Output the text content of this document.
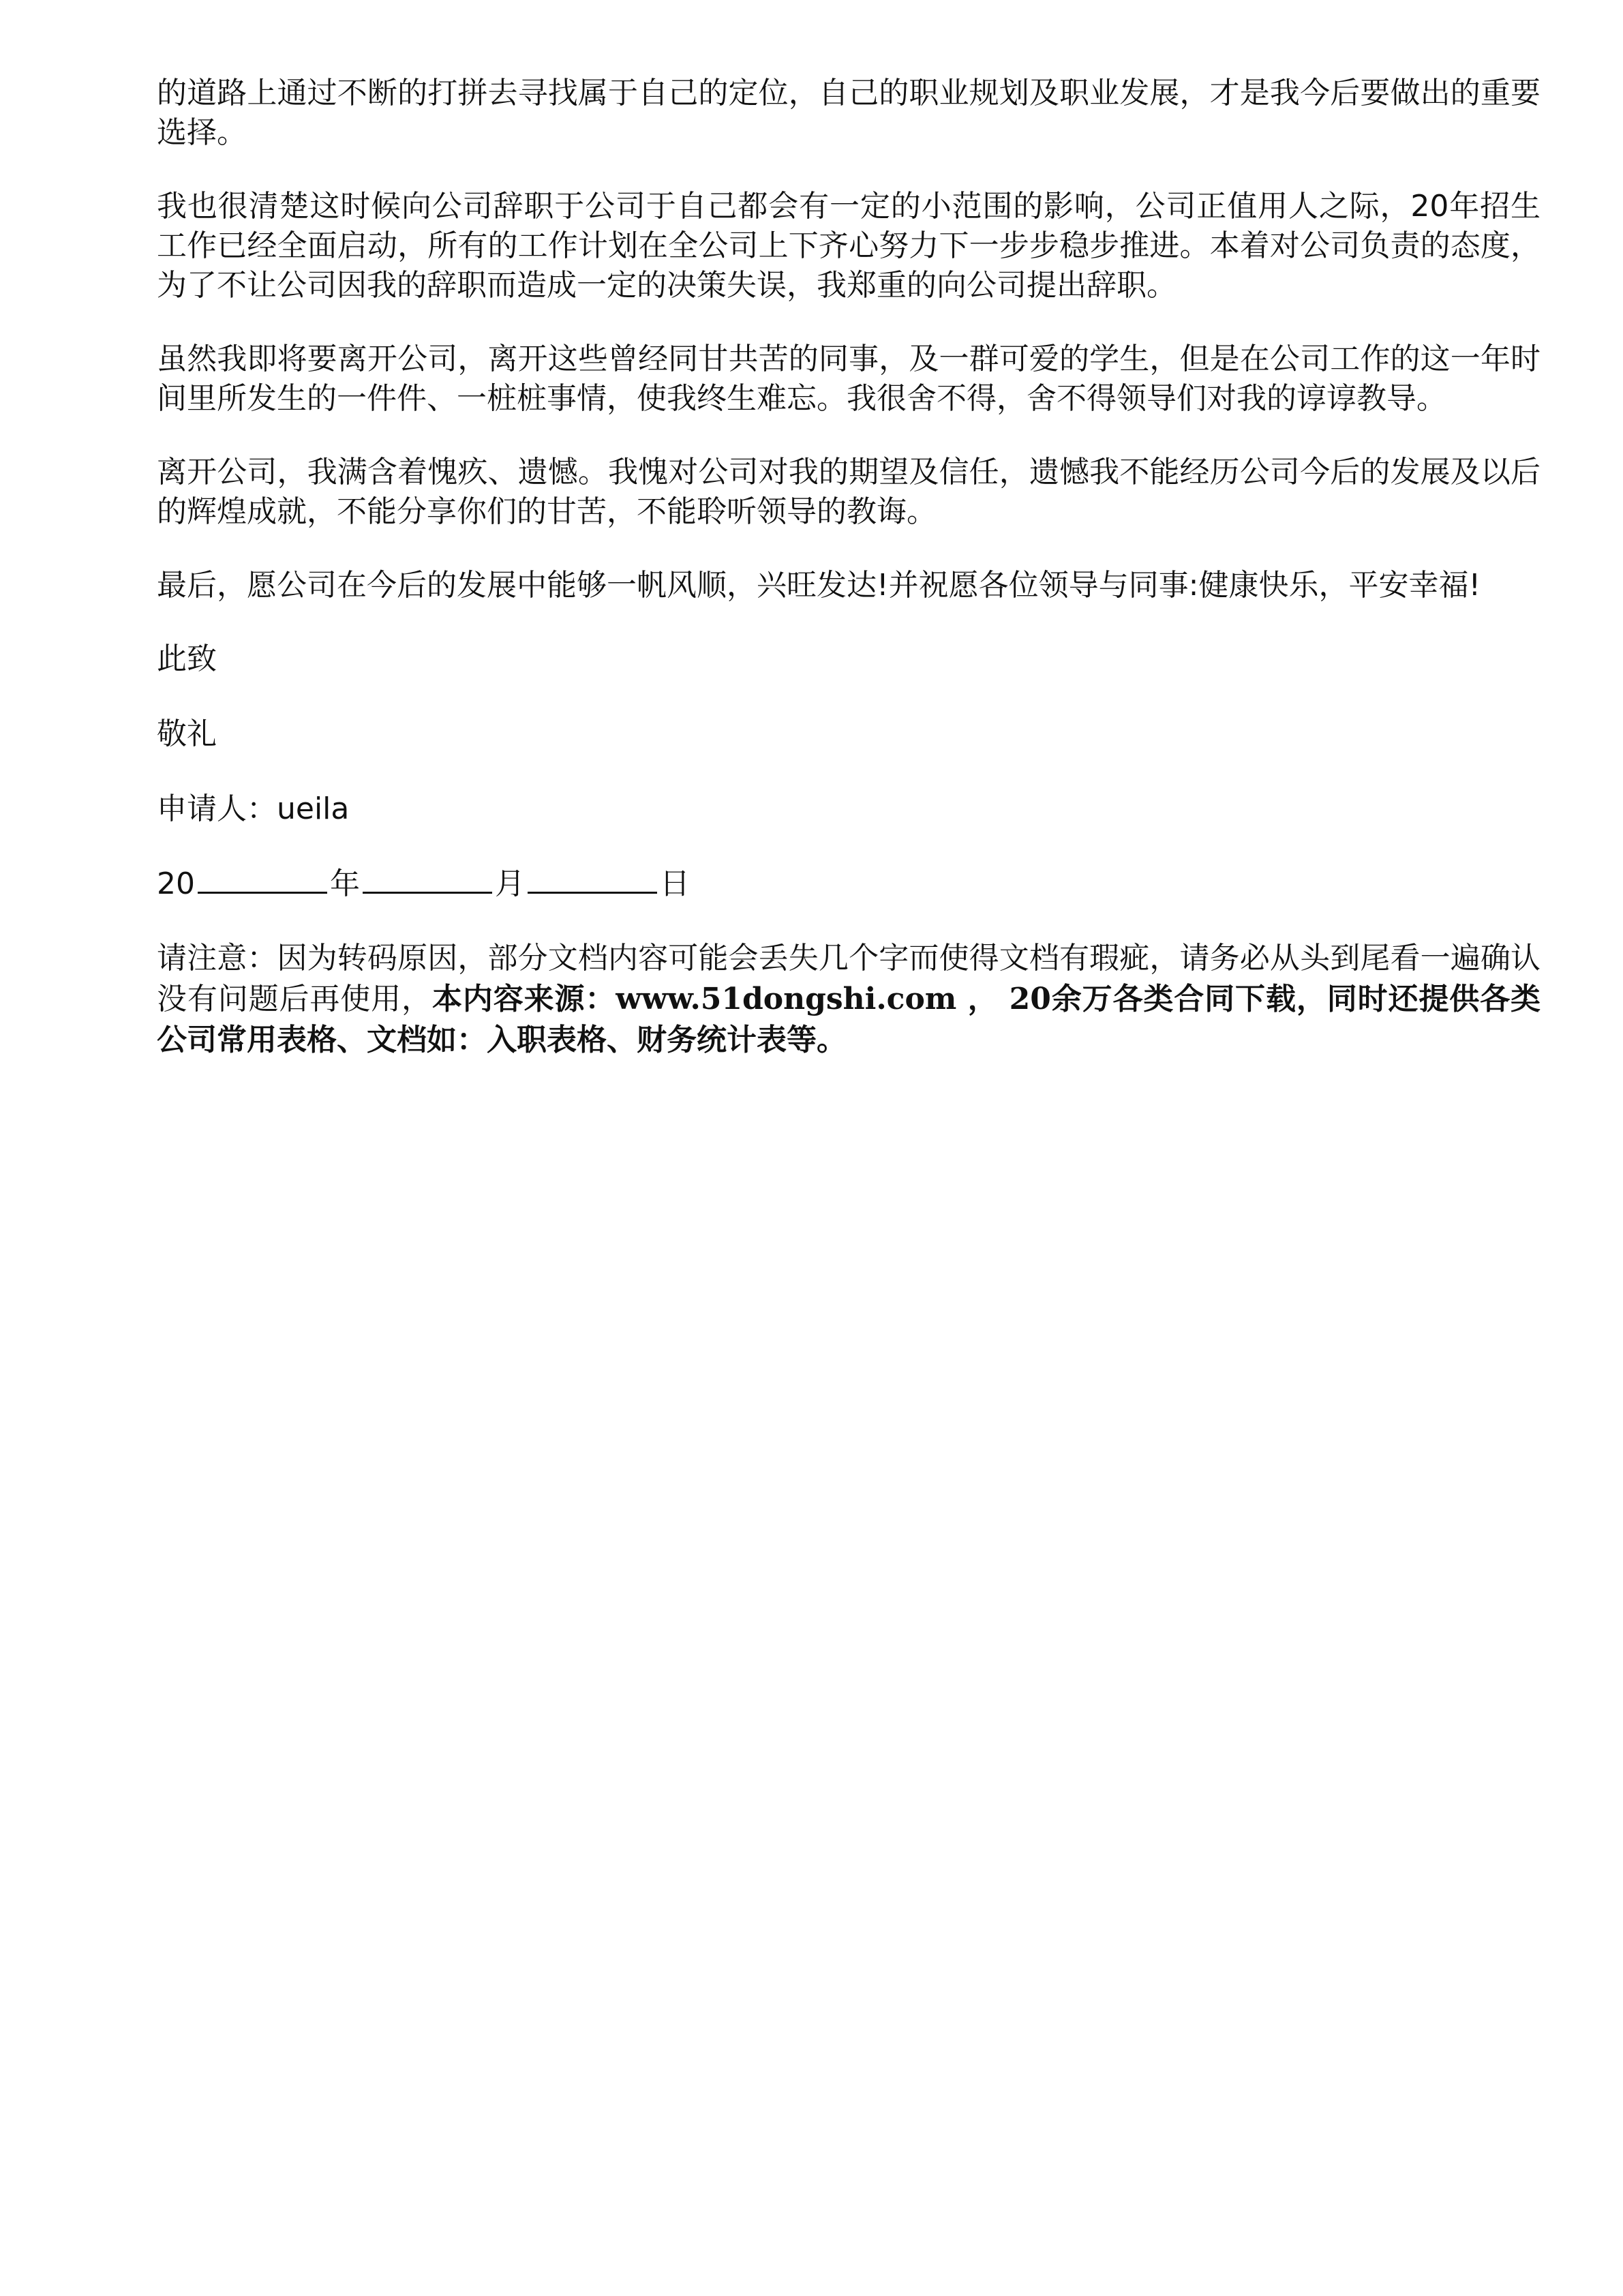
的道路上通过不断的打拼去寻找属于自己的定位，自己的职业规划及职业发展，才是我今后要做出的重要选择。

我也很清楚这时候向公司辞职于公司于自己都会有一定的小范围的影响，公司正值用人之际，20年招生工作已经全面启动，所有的工作计划在全公司上下齐心努力下一步步稳步推进。本着对公司负责的态度，为了不让公司因我的辞职而造成一定的决策失误，我郑重的向公司提出辞职。

虽然我即将要离开公司，离开这些曾经同甘共苦的同事，及一群可爱的学生，但是在公司工作的这一年时间里所发生的一件件、一桩桩事情，使我终生难忘。我很舍不得，舍不得领导们对我的谆谆教导。

离开公司，我满含着愧疚、遗憾。我愧对公司对我的期望及信任，遗憾我不能经历公司今后的发展及以后的辉煌成就，不能分享你们的甘苦，不能聆听领导的教诲。

最后，愿公司在今后的发展中能够一帆风顺，兴旺发达!并祝愿各位领导与同事:健康快乐，平安幸福!

此致

敬礼

申请人：ueila

20	年	月	日

请注意：因为转码原因，部分文档内容可能会丢失几个字而使得文档有瑕疵，请务必从头到尾看一遍确认没有问题后再使用，本内容来源：www.51dongshi.com ， 20余万各类合同下载，同时还提供各类公司常用表格、文档如：入职表格、财务统计表等。
